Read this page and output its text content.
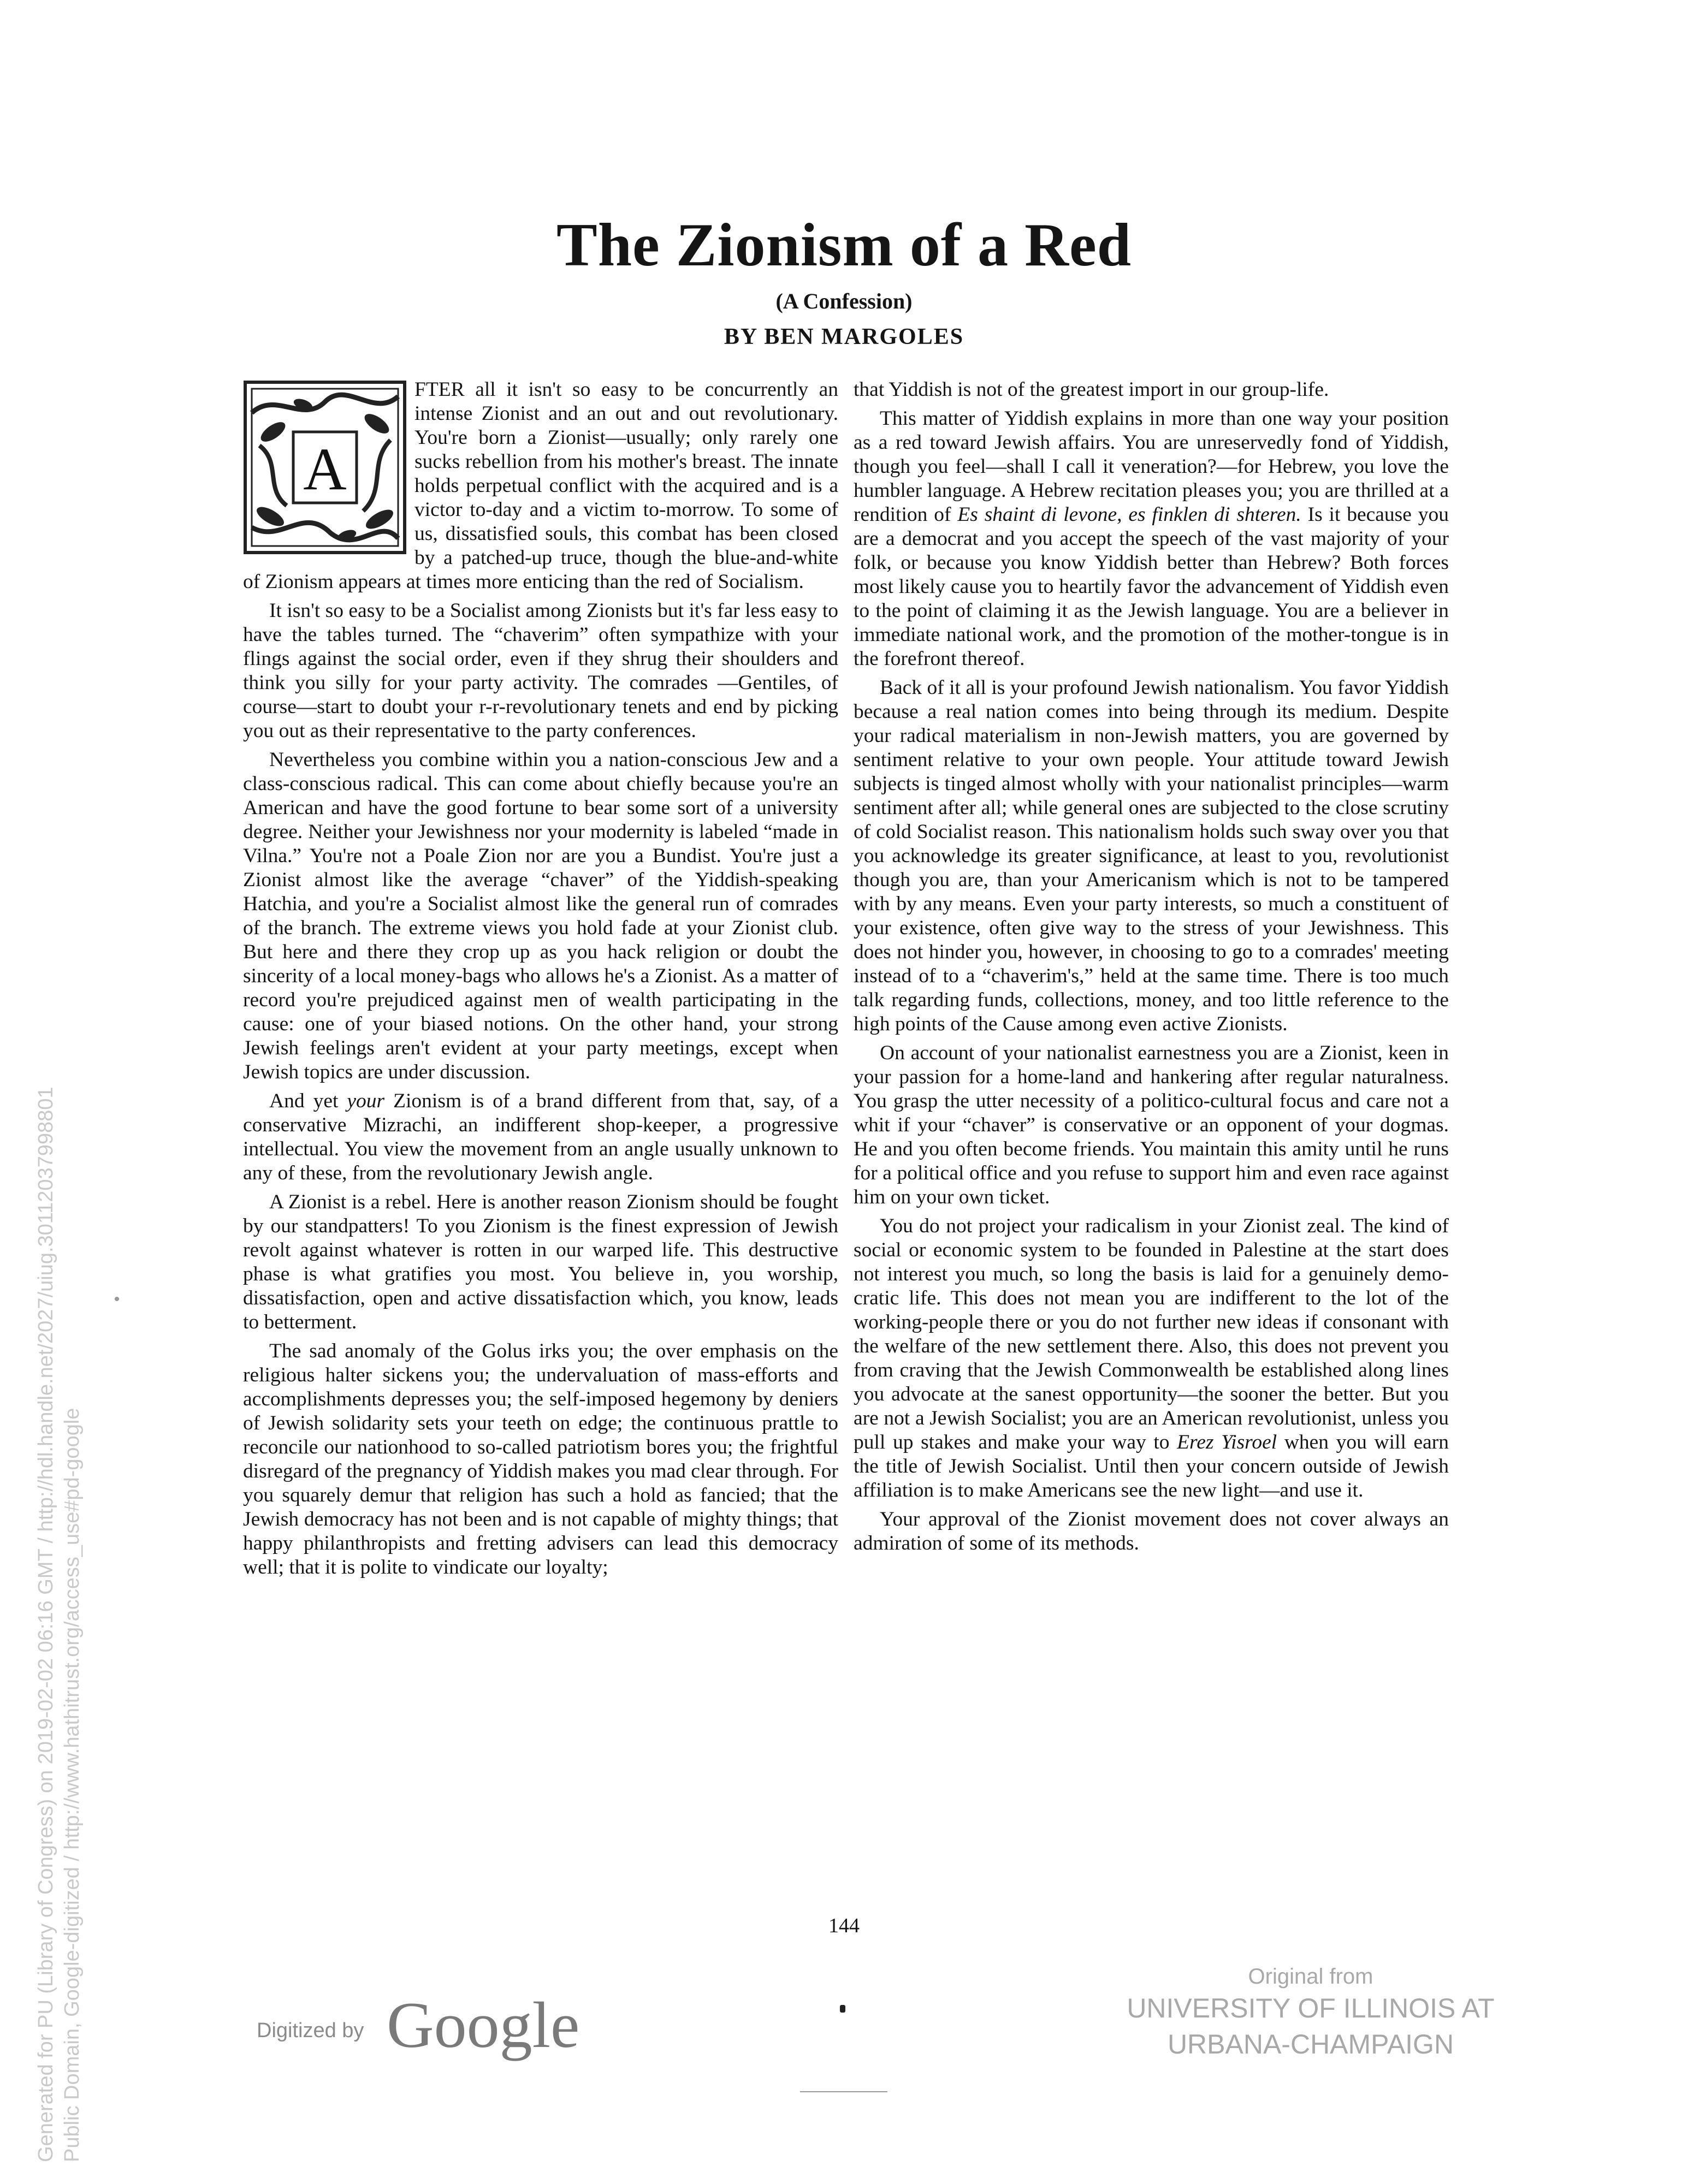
The Zionism of a Red
(A Confession)
BY BEN MARGOLES
A

FTER all it isn't so easy to be concurrently an intense Zionist and an out and out revolutionary. You're born a Zionist—usually; only rarely one sucks rebellion from his mother's breast. The innate holds perpetual conflict with the acquired and is a victor to-day and a victim to-morrow. To some of us, dissatisfied souls, this combat has been closed by a patched-up truce, though the blue-and-white of Zionism appears at times more enticing than the red of Socialism.

It isn't so easy to be a Socialist among Zionists but it's far less easy to have the tables turned. The “chaverim” often sympathize with your flings against the social order, even if they shrug their shoulders and think you silly for your party activity. The comrades —Gentiles, of course—start to doubt your r-r-revolutionary tenets and end by picking you out as their representative to the party conferences.

Nevertheless you combine within you a nation-conscious Jew and a class-conscious radical. This can come about chiefly because you're an American and have the good fortune to bear some sort of a university degree. Neither your Jewishness nor your modernity is labeled “made in Vilna.” You're not a Poale Zion nor are you a Bundist. You're just a Zionist almost like the average “chaver” of the Yiddish-speaking Hatchia, and you're a Socialist almost like the general run of comrades of the branch. The extreme views you hold fade at your Zionist club. But here and there they crop up as you hack religion or doubt the sincerity of a local money-bags who allows he's a Zionist. As a matter of record you're prejudiced against men of wealth participating in the cause: one of your biased notions. On the other hand, your strong Jewish feelings aren't evident at your party meetings, except when Jewish topics are under discussion.

And yet your Zionism is of a brand different from that, say, of a conservative Mizrachi, an indifferent shop-keeper, a progressive intellectual. You view the movement from an angle usually unknown to any of these, from the revolutionary Jewish angle.

A Zionist is a rebel. Here is another reason Zionism should be fought by our standpatters! To you Zionism is the finest expression of Jewish revolt against whatever is rotten in our warped life. This destructive phase is what gratifies you most. You believe in, you worship, dissatisfaction, open and active dissatisfaction which, you know, leads to betterment.

The sad anomaly of the Golus irks you; the over emphasis on the religious halter sickens you; the undervaluation of mass-efforts and accomplishments depresses you; the self-imposed hegemony by deniers of Jewish solidarity sets your teeth on edge; the continuous prattle to reconcile our nationhood to so-called patriotism bores you; the frightful disregard of the pregnancy of Yiddish makes you mad clear through. For you squarely demur that religion has such a hold as fancied; that the Jewish democracy has not been and is not capable of mighty things; that happy philanthropists and fretting advisers can lead this democracy well; that it is polite to vindicate our loyalty;

that Yiddish is not of the greatest import in our group-life.

This matter of Yiddish explains in more than one way your position as a red toward Jewish affairs. You are unreservedly fond of Yiddish, though you feel—shall I call it veneration?—for Hebrew, you love the humbler language. A Hebrew recitation pleases you; you are thrilled at a rendition of Es shaint di levone, es finklen di shteren. Is it because you are a democrat and you accept the speech of the vast majority of your folk, or because you know Yiddish better than Hebrew? Both forces most likely cause you to heartily favor the advancement of Yiddish even to the point of claiming it as the Jewish language. You are a believer in immediate national work, and the promotion of the mother-tongue is in the forefront thereof.

Back of it all is your profound Jewish nationalism. You favor Yiddish because a real nation comes into being through its medium. Despite your radical materialism in non-Jewish matters, you are governed by sentiment relative to your own people. Your attitude toward Jewish subjects is tinged almost wholly with your nationalist principles—warm sentiment after all; while general ones are subjected to the close scrutiny of cold Socialist reason. This nationalism holds such sway over you that you acknowledge its greater significance, at least to you, revolutionist though you are, than your Americanism which is not to be tampered with by any means. Even your party interests, so much a constituent of your existence, often give way to the stress of your Jewishness. This does not hinder you, however, in choosing to go to a comrades' meeting instead of to a “chaverim's,” held at the same time. There is too much talk regarding funds, collections, money, and too little reference to the high points of the Cause among even active Zionists.

On account of your nationalist earnestness you are a Zionist, keen in your passion for a home-land and hankering after regular naturalness. You grasp the utter necessity of a politico-cultural focus and care not a whit if your “chaver” is conservative or an opponent of your dogmas. He and you often become friends. You maintain this amity until he runs for a political office and you refuse to support him and even race against him on your own ticket.

You do not project your radicalism in your Zionist zeal. The kind of social or economic system to be founded in Palestine at the start does not interest you much, so long the basis is laid for a genuinely democratic life. This does not mean you are indifferent to the lot of the working-people there or you do not further new ideas if consonant with the welfare of the new settlement there. Also, this does not prevent you from craving that the Jewish Commonwealth be established along lines you advocate at the sanest opportunity—the sooner the better. But you are not a Jewish Socialist; you are an American revolutionist, unless you pull up stakes and make your way to Erez Yisroel when you will earn the title of Jewish Socialist. Until then your concern outside of Jewish affiliation is to make Americans see the new light—and use it.

Your approval of the Zionist movement does not cover always an admiration of some of its methods.

144
Generated for PU (Library of Congress) on 2019-02-02 06:16 GMT / http://hdl.handle.net/2027/uiug.30112037998801 Public Domain, Google-digitized / http://www.hathitrust.org/access_use#pd-google	Digitized by Google
Original from
UNIVERSITY OF ILLINOIS AT
URBANA-CHAMPAIGN
